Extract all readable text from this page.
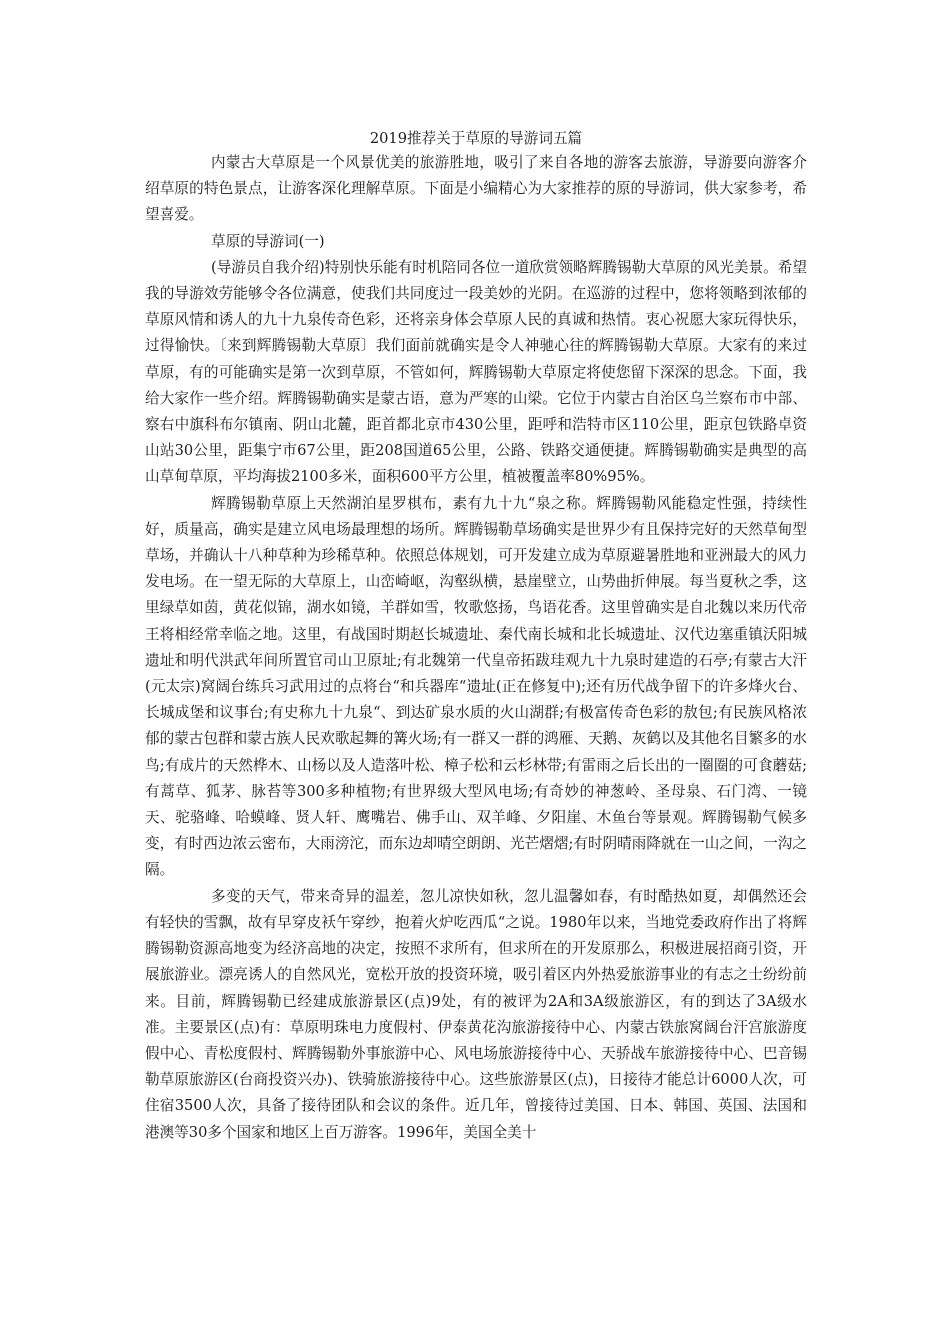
2019推荐关于草原的导游词五篇

内蒙古大草原是一个风景优美的旅游胜地，吸引了来自各地的游客去旅游，导游要向游客介绍草原的特色景点，让游客深化理解草原。下面是小编精心为大家推荐的原的导游词，供大家参考，希望喜爱。

草原的导游词(一)

(导游员自我介绍)特别快乐能有时机陪同各位一道欣赏领略辉腾锡勒大草原的风光美景。希望我的导游效劳能够令各位满意，使我们共同度过一段美妙的光阴。在巡游的过程中，您将领略到浓郁的草原风情和诱人的九十九泉传奇色彩，还将亲身体会草原人民的真诚和热情。衷心祝愿大家玩得快乐，过得愉快。〔来到辉腾锡勒大草原〕我们面前就确实是令人神驰心往的辉腾锡勒大草原。大家有的来过草原，有的可能确实是第一次到草原，不管如何，辉腾锡勒大草原定将使您留下深深的思念。下面，我给大家作一些介绍。辉腾锡勒确实是蒙古语，意为严寒的山梁。它位于内蒙古自治区乌兰察布市中部、察右中旗科布尔镇南、阴山北麓，距首都北京市430公里，距呼和浩特市区110公里，距京包铁路卓资山站30公里，距集宁市67公里，距208国道65公里，公路、铁路交通便捷。辉腾锡勒确实是典型的高山草甸草原，平均海拔2100多米，面积600平方公里，植被覆盖率80%95%。

辉腾锡勒草原上天然湖泊星罗棋布，素有九十九“泉之称。辉腾锡勒风能稳定性强，持续性好，质量高，确实是建立风电场最理想的场所。辉腾锡勒草场确实是世界少有且保持完好的天然草甸型草场，并确认十八种草种为珍稀草种。依照总体规划，可开发建立成为草原避暑胜地和亚洲最大的风力发电场。在一望无际的大草原上，山峦崎岖，沟壑纵横，悬崖壁立，山势曲折伸展。每当夏秋之季，这里绿草如茵，黄花似锦，湖水如镜，羊群如雪，牧歌悠扬，鸟语花香。这里曾确实是自北魏以来历代帝王将相经常幸临之地。这里，有战国时期赵长城遗址、秦代南长城和北长城遗址、汉代边塞重镇沃阳城遗址和明代洪武年间所置官司山卫原址;有北魏第一代皇帝拓跋珪观九十九泉时建造的石亭;有蒙古大汗(元太宗)窝阔台练兵习武用过的点将台“和兵器库“遗址(正在修复中);还有历代战争留下的许多烽火台、长城成堡和议事台;有史称九十九泉“、到达矿泉水质的火山湖群;有极富传奇色彩的敖包;有民族风格浓郁的蒙古包群和蒙古族人民欢歌起舞的篝火场;有一群又一群的鸿雁、天鹅、灰鹤以及其他名目繁多的水鸟;有成片的天然桦木、山杨以及人造落叶松、樟子松和云杉林带;有雷雨之后长出的一圈圈的可食蘑菇;有蒿草、狐茅、脉苔等300多种植物;有世界级大型风电场;有奇妙的神葱岭、圣母泉、石门湾、一镜天、驼骆峰、哈蟆峰、贤人轩、鹰嘴岩、佛手山、双羊峰、夕阳崖、木鱼台等景观。辉腾锡勒气候多变，有时西边浓云密布，大雨滂沱，而东边却晴空朗朗、光芒熠熠;有时阴晴雨降就在一山之间，一沟之隔。

多变的天气，带来奇异的温差，忽儿凉快如秋，忽儿温馨如春，有时酷热如夏，却偶然还会有轻快的雪飘，故有早穿皮袄午穿纱，抱着火炉吃西瓜“之说。1980年以来，当地党委政府作出了将辉腾锡勒资源高地变为经济高地的决定，按照不求所有，但求所在的开发原那么，积极进展招商引资，开展旅游业。漂亮诱人的自然风光，宽松开放的投资环境，吸引着区内外热爱旅游事业的有志之士纷纷前来。目前，辉腾锡勒已经建成旅游景区(点)9处，有的被评为2A和3A级旅游区，有的到达了3A级水准。主要景区(点)有：草原明珠电力度假村、伊泰黄花沟旅游接待中心、内蒙古铁旅窝阔台汗宫旅游度假中心、青松度假村、辉腾锡勒外事旅游中心、风电场旅游接待中心、天骄战车旅游接待中心、巴音锡勒草原旅游区(台商投资兴办)、铁骑旅游接待中心。这些旅游景区(点)，日接待才能总计6000人次，可住宿3500人次，具备了接待团队和会议的条件。近几年，曾接待过美国、日本、韩国、英国、法国和港澳等30多个国家和地区上百万游客。1996年，美国全美十
